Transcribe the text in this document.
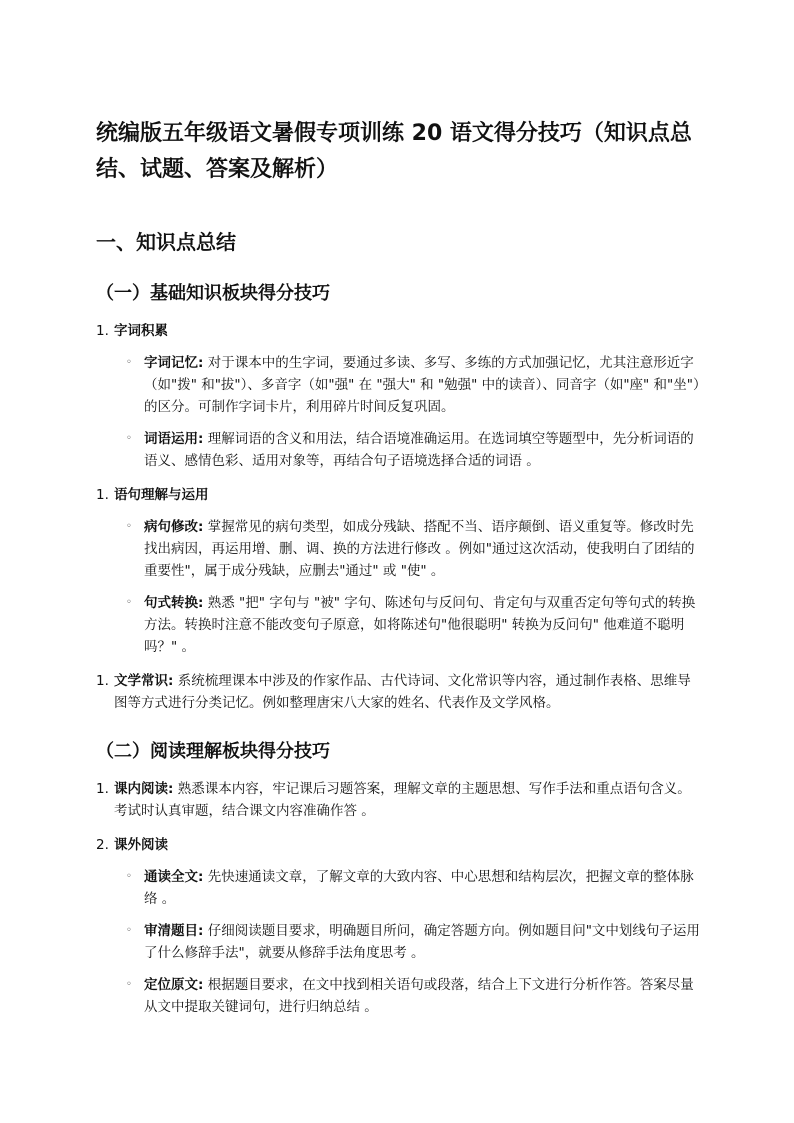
统编版五年级语文暑假专项训练 20 语文得分技巧（知识点总结、试题、答案及解析）
一、知识点总结
（一）基础知识板块得分技巧
1. 字词积累
◦ 字词记忆: 对于课本中的生字词，要通过多读、多写、多练的方式加强记忆，尤其注意形近字（如"拨" 和"拔"）、多音字（如"强" 在 "强大" 和 "勉强" 中的读音）、同音字（如"座" 和"坐"）的区分。可制作字词卡片，利用碎片时间反复巩固。
◦ 词语运用: 理解词语的含义和用法，结合语境准确运用。在选词填空等题型中，先分析词语的语义、感情色彩、适用对象等，再结合句子语境选择合适的词语 。
1. 语句理解与运用
◦ 病句修改: 掌握常见的病句类型，如成分残缺、搭配不当、语序颠倒、语义重复等。修改时先找出病因，再运用增、删、调、换的方法进行修改 。例如"通过这次活动，使我明白了团结的重要性"，属于成分残缺，应删去"通过" 或 "使" 。
◦ 句式转换: 熟悉 "把" 字句与 "被" 字句、陈述句与反问句、肯定句与双重否定句等句式的转换方法。转换时注意不能改变句子原意，如将陈述句"他很聪明" 转换为反问句" 他难道不聪明吗？" 。
1. 文学常识: 系统梳理课本中涉及的作家作品、古代诗词、文化常识等内容，通过制作表格、思维导图等方式进行分类记忆。例如整理唐宋八大家的姓名、代表作及文学风格。
（二）阅读理解板块得分技巧
1. 课内阅读: 熟悉课本内容，牢记课后习题答案，理解文章的主题思想、写作手法和重点语句含义。考试时认真审题，结合课文内容准确作答 。
2. 课外阅读
◦ 通读全文: 先快速通读文章，了解文章的大致内容、中心思想和结构层次，把握文章的整体脉络 。
◦ 审清题目: 仔细阅读题目要求，明确题目所问，确定答题方向。例如题目问"文中划线句子运用了什么修辞手法"，就要从修辞手法角度思考 。
◦ 定位原文: 根据题目要求，在文中找到相关语句或段落，结合上下文进行分析作答。答案尽量从文中提取关键词句，进行归纳总结 。
